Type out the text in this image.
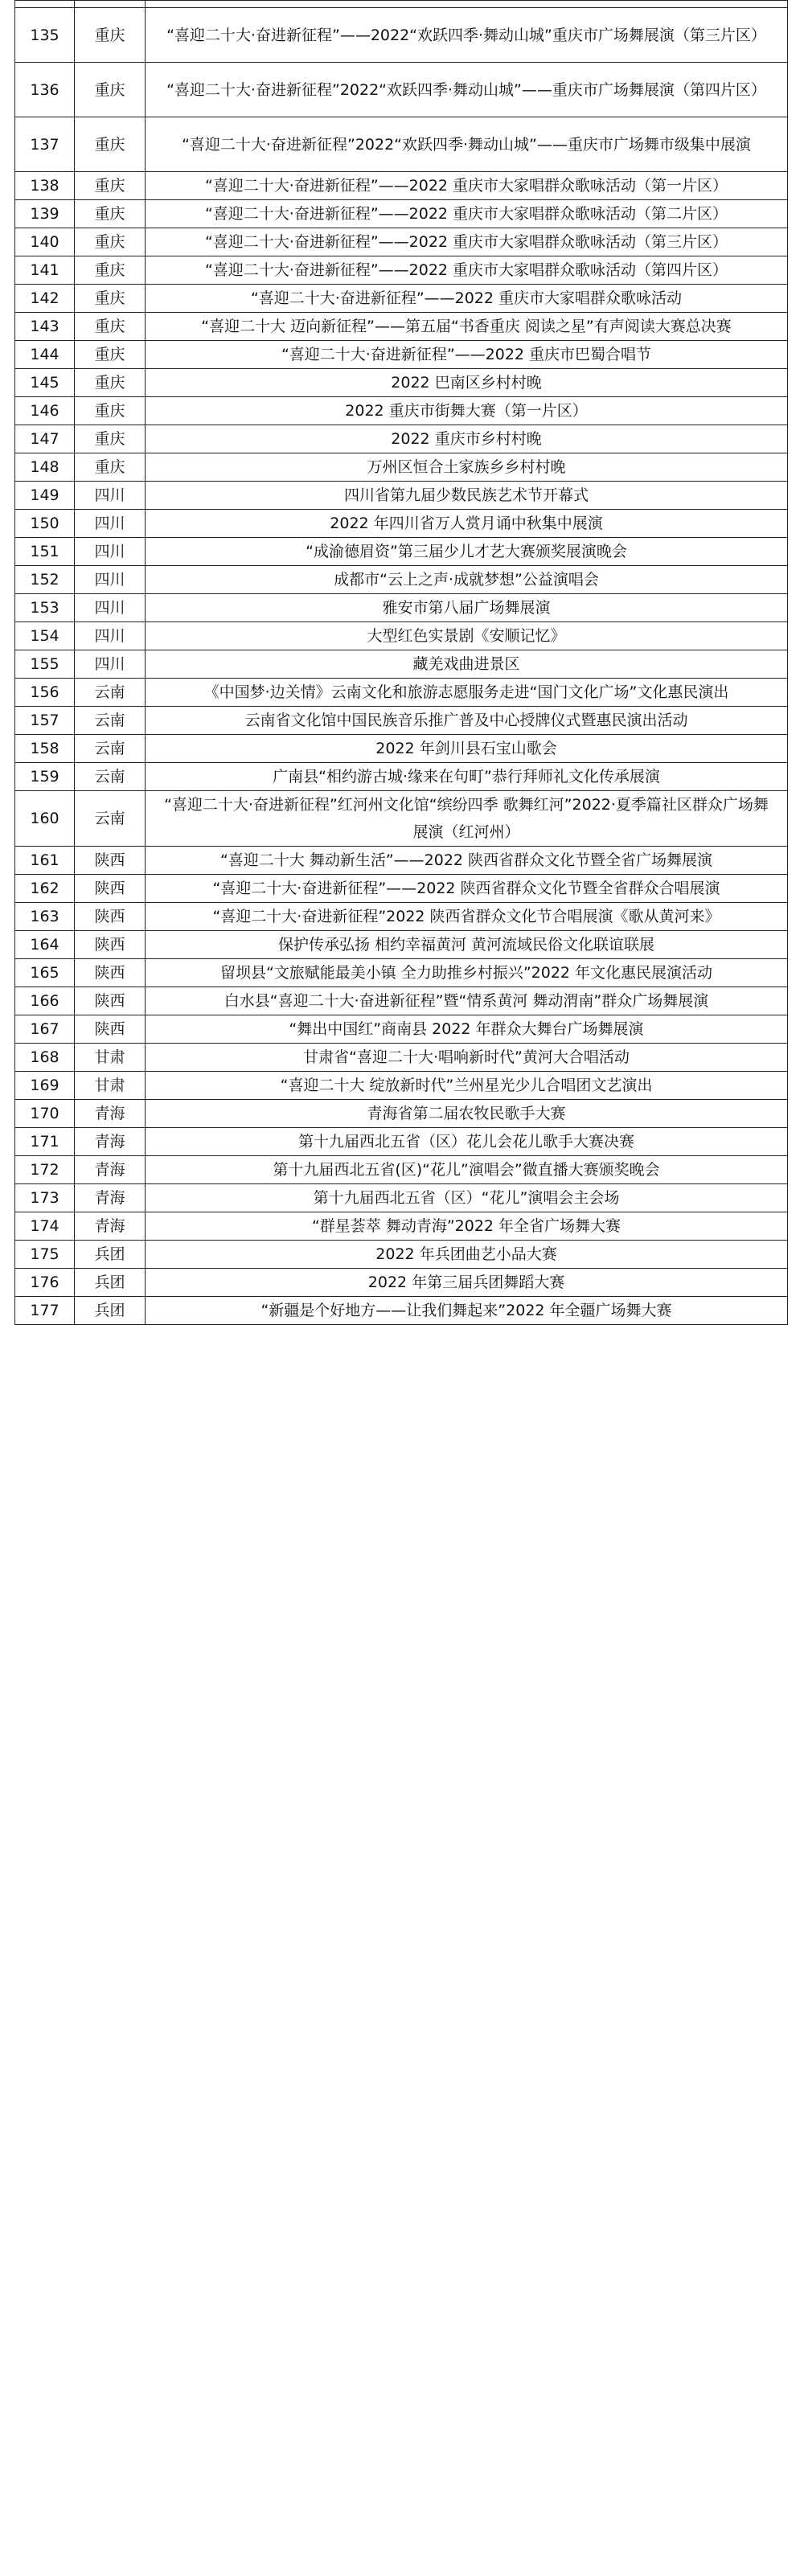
135	重庆	“喜迎二十大·奋进新征程”——2022“欢跃四季·舞动山城”重庆市广场舞展演（第三片区）
136	重庆	“喜迎二十大·奋进新征程”2022“欢跃四季·舞动山城”——重庆市广场舞展演（第四片区）
137	重庆	“喜迎二十大·奋进新征程”2022“欢跃四季·舞动山城”——重庆市广场舞市级集中展演
138	重庆	“喜迎二十大·奋进新征程”——2022 重庆市大家唱群众歌咏活动（第一片区）
139	重庆	“喜迎二十大·奋进新征程”——2022 重庆市大家唱群众歌咏活动（第二片区）
140	重庆	“喜迎二十大·奋进新征程”——2022 重庆市大家唱群众歌咏活动（第三片区）
141	重庆	“喜迎二十大·奋进新征程”——2022 重庆市大家唱群众歌咏活动（第四片区）
142	重庆	“喜迎二十大·奋进新征程”——2022 重庆市大家唱群众歌咏活动
143	重庆	“喜迎二十大 迈向新征程”——第五届“书香重庆 阅读之星”有声阅读大赛总决赛
144	重庆	“喜迎二十大·奋进新征程”——2022 重庆市巴蜀合唱节
145	重庆	2022 巴南区乡村村晚
146	重庆	2022 重庆市街舞大赛（第一片区）
147	重庆	2022 重庆市乡村村晚
148	重庆	万州区恒合土家族乡乡村村晚
149	四川	四川省第九届少数民族艺术节开幕式
150	四川	2022 年四川省万人赏月诵中秋集中展演
151	四川	“成渝德眉资”第三届少儿才艺大赛颁奖展演晚会
152	四川	成都市“云上之声·成就梦想”公益演唱会
153	四川	雅安市第八届广场舞展演
154	四川	大型红色实景剧《安顺记忆》
155	四川	藏羌戏曲进景区
156	云南	《中国梦·边关情》云南文化和旅游志愿服务走进“国门文化广场”文化惠民演出
157	云南	云南省文化馆中国民族音乐推广普及中心授牌仪式暨惠民演出活动
158	云南	2022 年剑川县石宝山歌会
159	云南	广南县“相约游古城·缘来在句町”恭行拜师礼文化传承展演
160	云南	“喜迎二十大·奋进新征程”红河州文化馆“缤纷四季 歌舞红河”2022·夏季篇社区群众广场舞展演（红河州）
161	陕西	“喜迎二十大 舞动新生活”——2022 陕西省群众文化节暨全省广场舞展演
162	陕西	“喜迎二十大·奋进新征程”——2022 陕西省群众文化节暨全省群众合唱展演
163	陕西	“喜迎二十大·奋进新征程”2022 陕西省群众文化节合唱展演《歌从黄河来》
164	陕西	保护传承弘扬 相约幸福黄河 黄河流域民俗文化联谊联展
165	陕西	留坝县“文旅赋能最美小镇 全力助推乡村振兴”2022 年文化惠民展演活动
166	陕西	白水县“喜迎二十大·奋进新征程”暨“情系黄河 舞动渭南”群众广场舞展演
167	陕西	“舞出中国红”商南县 2022 年群众大舞台广场舞展演
168	甘肃	甘肃省“喜迎二十大·唱响新时代”黄河大合唱活动
169	甘肃	“喜迎二十大 绽放新时代”兰州星光少儿合唱团文艺演出
170	青海	青海省第二届农牧民歌手大赛
171	青海	第十九届西北五省（区）花儿会花儿歌手大赛决赛
172	青海	第十九届西北五省(区)“花儿”演唱会”微直播大赛颁奖晚会
173	青海	第十九届西北五省（区）“花儿”演唱会主会场
174	青海	“群星荟萃 舞动青海”2022 年全省广场舞大赛
175	兵团	2022 年兵团曲艺小品大赛
176	兵团	2022 年第三届兵团舞蹈大赛
177	兵团	“新疆是个好地方——让我们舞起来”2022 年全疆广场舞大赛
